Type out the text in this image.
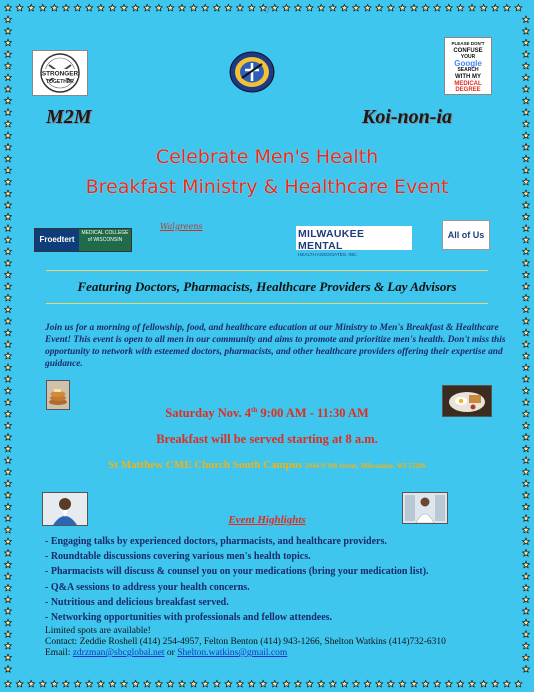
/
STRONGER
TOGETHER
PLEASE DON'T
CONFUSE
YOUR
Google
SEARCH
WITH MY
MEDICAL
DEGREE
M2M	Koi-non-ia
Celebrate Men's Health
Breakfast Ministry & Healthcare Event
Froedtert
MEDICAL COLLEGE of WISCONSIN
Walgreens
MILWAUKEE MENTAL
HEALTH ASSOCIATES, INC.
All of Us
Featuring Doctors, Pharmacists, Healthcare Providers & Lay Advisors
Join us for a morning of fellowship, food, and healthcare education at our Ministry to Men's Breakfast & Healthcare Event! This event is open to all men in our community and aims to promote and prioritize men's health. Don't miss this opportunity to network with esteemed doctors, pharmacists, and other healthcare providers offering their expertise and guidance.
Saturday Nov. 4th 9:00 AM - 11:30 AM
Breakfast will be served starting at 8 a.m.
St Matthew CME Church South Campus 2944 N 9th Street, Milwaukee, WI 53206
Event Highlights
- Engaging talks by experienced doctors, pharmacists, and healthcare providers.
- Roundtable discussions covering various men's health topics.
- Pharmacists will discuss & counsel you on your medications (bring your medication list).
- Q&A sessions to address your health concerns.
- Nutritious and delicious breakfast served.
- Networking opportunities with professionals and fellow attendees.
Limited spots are available!
Contact: Zeddie Roshell (414) 254-4957, Felton Benton (414) 943-1266, Shelton Watkins (414)732-6310
Email: zdrzman@sbcglobal.net or Shelton.watkins@gmail.com
